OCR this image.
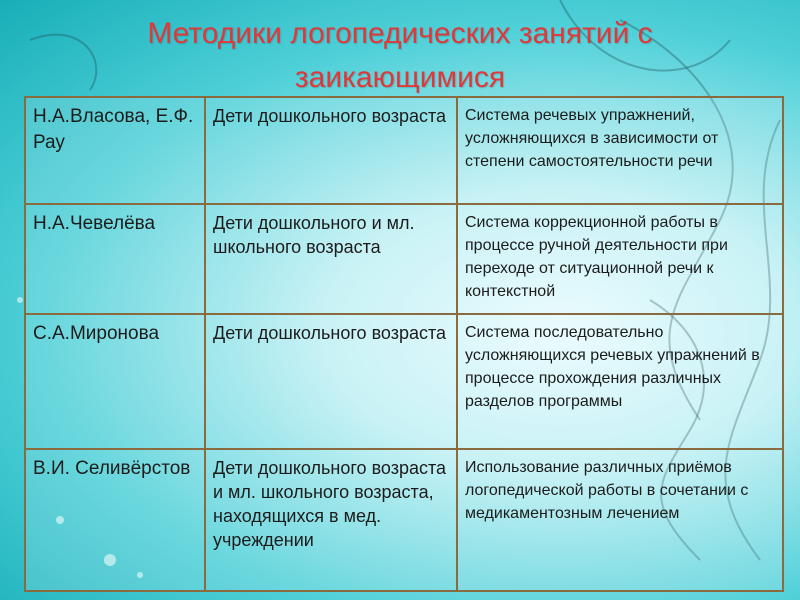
Методики логопедических занятий с
заикающимися
Н.А.Власова, Е.Ф. Рау	Дети дошкольного возраста	Система речевых упражнений, усложняющихся в зависимости от степени самостоятельности речи
Н.А.Чевелёва	Дети дошкольного и мл. школьного возраста	Система коррекционной работы в процессе ручной деятельности при переходе от ситуационной речи к контекстной
С.А.Миронова	Дети дошкольного возраста	Система последовательно усложняющихся речевых упражнений в процессе прохождения различных разделов программы
В.И. Селивёрстов	Дети дошкольного возраста и мл. школьного возраста, находящихся в мед. учреждении	Использование различных приёмов логопедической работы в сочетании с медикаментозным лечением
